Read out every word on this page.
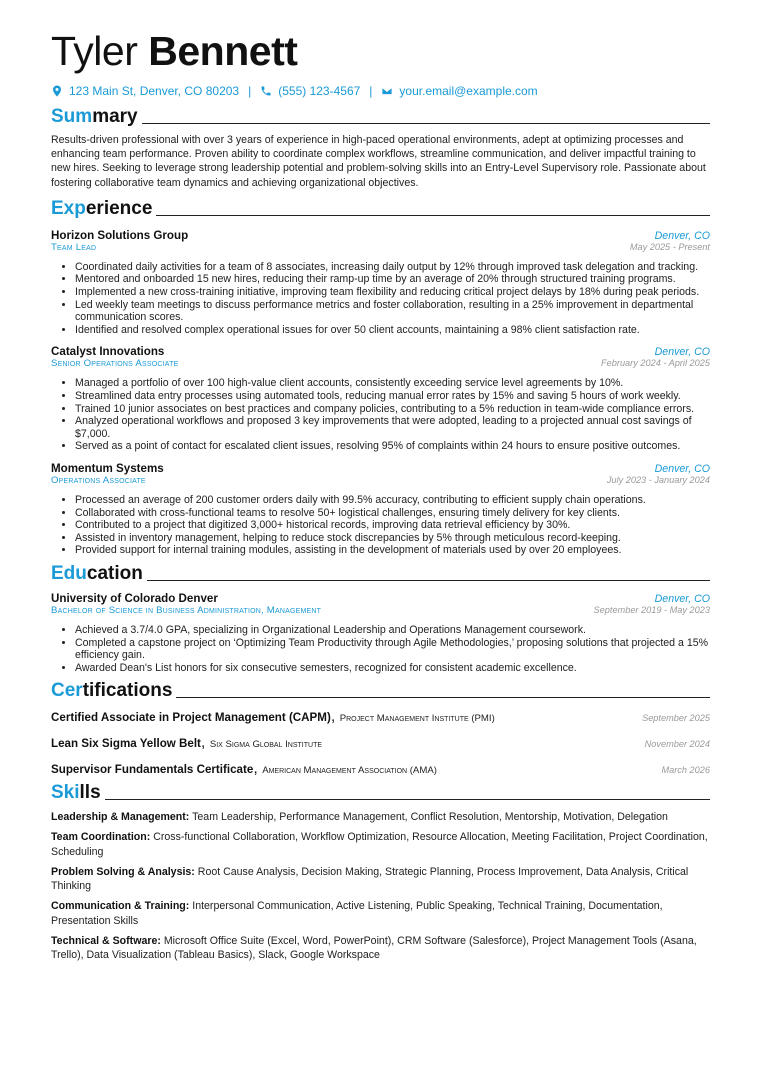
Tyler Bennett
123 Main St, Denver, CO 80203 | (555) 123-4567 | your.email@example.com
Summary
Results-driven professional with over 3 years of experience in high-paced operational environments, adept at optimizing processes and enhancing team performance. Proven ability to coordinate complex workflows, streamline communication, and deliver impactful training to new hires. Seeking to leverage strong leadership potential and problem-solving skills into an Entry-Level Supervisory role. Passionate about fostering collaborative team dynamics and achieving organizational objectives.
Experience
Horizon Solutions Group	Denver, CO
Team Lead	May 2025 - Present
• Coordinated daily activities for a team of 8 associates, increasing daily output by 12% through improved task delegation and tracking.
• Mentored and onboarded 15 new hires, reducing their ramp-up time by an average of 20% through structured training programs.
• Implemented a new cross-training initiative, improving team flexibility and reducing critical project delays by 18% during peak periods.
• Led weekly team meetings to discuss performance metrics and foster collaboration, resulting in a 25% improvement in departmental communication scores.
• Identified and resolved complex operational issues for over 50 client accounts, maintaining a 98% client satisfaction rate.
Catalyst Innovations	Denver, CO
Senior Operations Associate	February 2024 - April 2025
• Managed a portfolio of over 100 high-value client accounts, consistently exceeding service level agreements by 10%.
• Streamlined data entry processes using automated tools, reducing manual error rates by 15% and saving 5 hours of work weekly.
• Trained 10 junior associates on best practices and company policies, contributing to a 5% reduction in team-wide compliance errors.
• Analyzed operational workflows and proposed 3 key improvements that were adopted, leading to a projected annual cost savings of $7,000.
• Served as a point of contact for escalated client issues, resolving 95% of complaints within 24 hours to ensure positive outcomes.
Momentum Systems	Denver, CO
Operations Associate	July 2023 - January 2024
• Processed an average of 200 customer orders daily with 99.5% accuracy, contributing to efficient supply chain operations.
• Collaborated with cross-functional teams to resolve 50+ logistical challenges, ensuring timely delivery for key clients.
• Contributed to a project that digitized 3,000+ historical records, improving data retrieval efficiency by 30%.
• Assisted in inventory management, helping to reduce stock discrepancies by 5% through meticulous record-keeping.
• Provided support for internal training modules, assisting in the development of materials used by over 20 employees.
Education
University of Colorado Denver	Denver, CO
Bachelor of Science in Business Administration, Management	September 2019 - May 2023
• Achieved a 3.7/4.0 GPA, specializing in Organizational Leadership and Operations Management coursework.
• Completed a capstone project on ‘Optimizing Team Productivity through Agile Methodologies,’ proposing solutions that projected a 15% efficiency gain.
• Awarded Dean's List honors for six consecutive semesters, recognized for consistent academic excellence.
Certifications
Certified Associate in Project Management (CAPM), Project Management Institute (PMI)	September 2025
Lean Six Sigma Yellow Belt, Six Sigma Global Institute	November 2024
Supervisor Fundamentals Certificate, American Management Association (AMA)	March 2026
Skills
Leadership & Management: Team Leadership, Performance Management, Conflict Resolution, Mentorship, Motivation, Delegation
Team Coordination: Cross-functional Collaboration, Workflow Optimization, Resource Allocation, Meeting Facilitation, Project Coordination, Scheduling
Problem Solving & Analysis: Root Cause Analysis, Decision Making, Strategic Planning, Process Improvement, Data Analysis, Critical Thinking
Communication & Training: Interpersonal Communication, Active Listening, Public Speaking, Technical Training, Documentation, Presentation Skills
Technical & Software: Microsoft Office Suite (Excel, Word, PowerPoint), CRM Software (Salesforce), Project Management Tools (Asana, Trello), Data Visualization (Tableau Basics), Slack, Google Workspace
